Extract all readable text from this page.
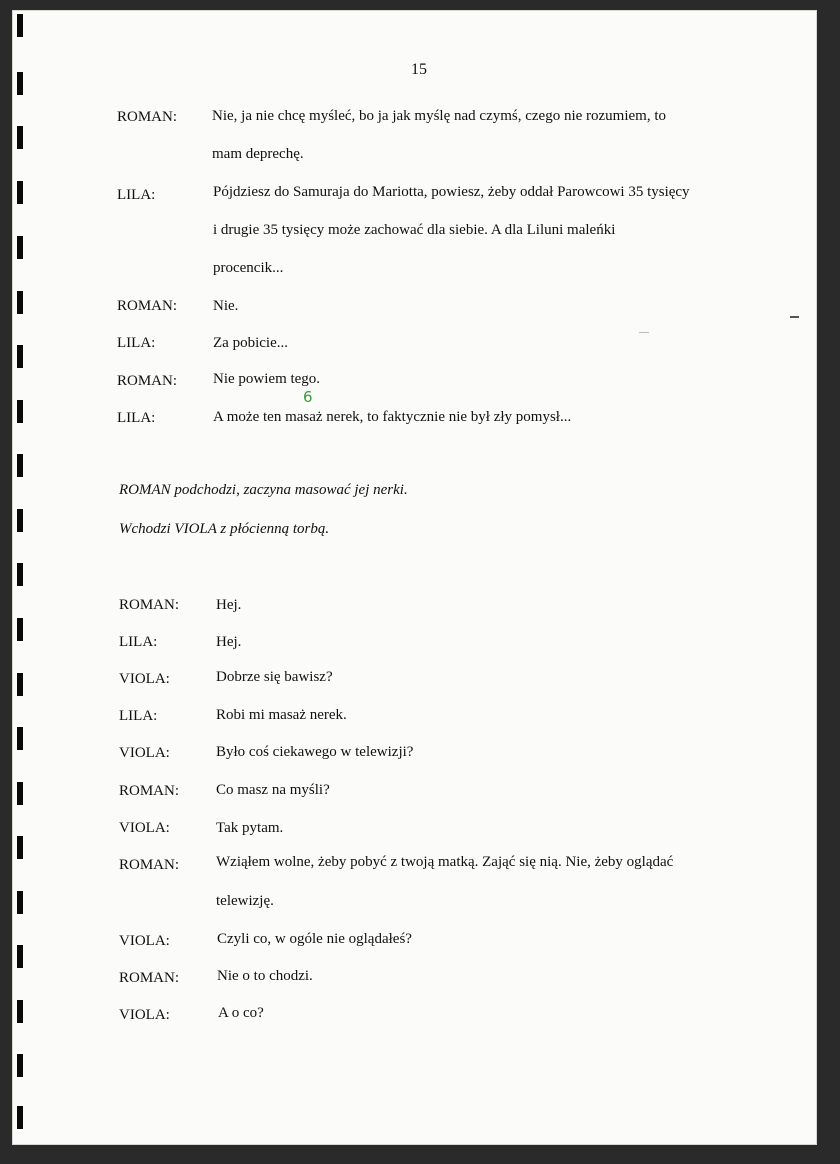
15
ROMAN: Nie, ja nie chcę myśleć, bo ja jak myślę nad czymś, czego nie rozumiem, to
mam deprechę.
LILA:	Pójdziesz do Samuraja do Mariotta, powiesz, żeby oddał Parowcowi 35 tysięcy
i drugie 35 tysięcy może zachować dla siebie. A dla Liluni maleńki
procencik...
ROMAN: Nie.
LILA:	Za pobicie...
ROMAN: Nie powiem tego.
6
LILA:	A może ten masaż nerek, to faktycznie nie był zły pomysł...
ROMAN podchodzi, zaczyna masować jej nerki.
Wchodzi VIOLA z płócienną torbą.
ROMAN: Hej.
LILA:	Hej.
VIOLA:	Dobrze się bawisz?
LILA:	Robi mi masaż nerek.
VIOLA:	Było coś ciekawego w telewizji?
ROMAN: Co masz na myśli?
VIOLA:	Tak pytam.
ROMAN: Wziąłem wolne, żeby pobyć z twoją matką. Zająć się nią. Nie, żeby oglądać
telewizję.
VIOLA:	Czyli co, w ogóle nie oglądałeś?
ROMAN:	Nie o to chodzi.
VIOLA:	A o co?
